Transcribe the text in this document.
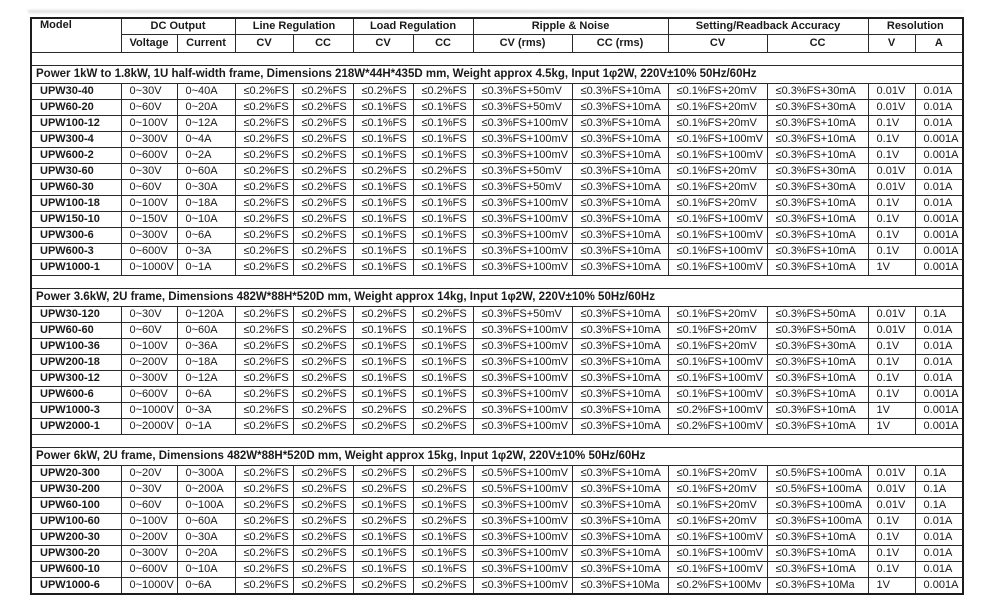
Model	DC Output		Line Regulation		Load Regulation		Ripple & Noise		Setting/Readback Accuracy		Resolution	
	Voltage	Current	CV	CC	CV	CC	CV (rms)	CC (rms)	CV	CC	V	A

Power 1kW to 1.8kW, 1U half-width frame, Dimensions 218W*44H*435D mm, Weight approx 4.5kg, Input 1φ2W, 220V±10% 50Hz/60Hz												
UPW30-40	0~30V	0~40A	≤0.2%FS	≤0.2%FS	≤0.2%FS	≤0.2%FS	≤0.3%FS+50mV	≤0.3%FS+10mA	≤0.1%FS+20mV	≤0.3%FS+30mA	0.01V	0.01A
UPW60-20	0~60V	0~20A	≤0.2%FS	≤0.2%FS	≤0.1%FS	≤0.1%FS	≤0.3%FS+50mV	≤0.3%FS+10mA	≤0.1%FS+20mV	≤0.3%FS+30mA	0.01V	0.01A
UPW100-12	0~100V	0~12A	≤0.2%FS	≤0.2%FS	≤0.1%FS	≤0.1%FS	≤0.3%FS+100mV	≤0.3%FS+10mA	≤0.1%FS+20mV	≤0.3%FS+10mA	0.1V	0.01A
UPW300-4	0~300V	0~4A	≤0.2%FS	≤0.2%FS	≤0.1%FS	≤0.1%FS	≤0.3%FS+100mV	≤0.3%FS+10mA	≤0.1%FS+100mV	≤0.3%FS+10mA	0.1V	0.001A
UPW600-2	0~600V	0~2A	≤0.2%FS	≤0.2%FS	≤0.1%FS	≤0.1%FS	≤0.3%FS+100mV	≤0.3%FS+10mA	≤0.1%FS+100mV	≤0.3%FS+10mA	0.1V	0.001A
UPW30-60	0~30V	0~60A	≤0.2%FS	≤0.2%FS	≤0.2%FS	≤0.2%FS	≤0.3%FS+50mV	≤0.3%FS+10mA	≤0.1%FS+20mV	≤0.3%FS+30mA	0.01V	0.01A
UPW60-30	0~60V	0~30A	≤0.2%FS	≤0.2%FS	≤0.1%FS	≤0.1%FS	≤0.3%FS+50mV	≤0.3%FS+10mA	≤0.1%FS+20mV	≤0.3%FS+30mA	0.01V	0.01A
UPW100-18	0~100V	0~18A	≤0.2%FS	≤0.2%FS	≤0.1%FS	≤0.1%FS	≤0.3%FS+100mV	≤0.3%FS+10mA	≤0.1%FS+20mV	≤0.3%FS+10mA	0.1V	0.01A
UPW150-10	0~150V	0~10A	≤0.2%FS	≤0.2%FS	≤0.1%FS	≤0.1%FS	≤0.3%FS+100mV	≤0.3%FS+10mA	≤0.1%FS+100mV	≤0.3%FS+10mA	0.1V	0.001A
UPW300-6	0~300V	0~6A	≤0.2%FS	≤0.2%FS	≤0.1%FS	≤0.1%FS	≤0.3%FS+100mV	≤0.3%FS+10mA	≤0.1%FS+100mV	≤0.3%FS+10mA	0.1V	0.001A
UPW600-3	0~600V	0~3A	≤0.2%FS	≤0.2%FS	≤0.1%FS	≤0.1%FS	≤0.3%FS+100mV	≤0.3%FS+10mA	≤0.1%FS+100mV	≤0.3%FS+10mA	0.1V	0.001A
UPW1000-1	0~1000V	0~1A	≤0.2%FS	≤0.2%FS	≤0.1%FS	≤0.1%FS	≤0.3%FS+100mV	≤0.3%FS+10mA	≤0.1%FS+100mV	≤0.3%FS+10mA	1V	0.001A

Power 3.6kW, 2U frame, Dimensions 482W*88H*520D mm, Weight approx 14kg, Input 1φ2W, 220V±10% 50Hz/60Hz												
UPW30-120	0~30V	0~120A	≤0.2%FS	≤0.2%FS	≤0.2%FS	≤0.2%FS	≤0.3%FS+50mV	≤0.3%FS+10mA	≤0.1%FS+20mV	≤0.3%FS+50mA	0.01V	0.1A
UPW60-60	0~60V	0~60A	≤0.2%FS	≤0.2%FS	≤0.1%FS	≤0.1%FS	≤0.3%FS+100mV	≤0.3%FS+10mA	≤0.1%FS+20mV	≤0.3%FS+50mA	0.01V	0.01A
UPW100-36	0~100V	0~36A	≤0.2%FS	≤0.2%FS	≤0.1%FS	≤0.1%FS	≤0.3%FS+100mV	≤0.3%FS+10mA	≤0.1%FS+20mV	≤0.3%FS+30mA	0.1V	0.01A
UPW200-18	0~200V	0~18A	≤0.2%FS	≤0.2%FS	≤0.1%FS	≤0.1%FS	≤0.3%FS+100mV	≤0.3%FS+10mA	≤0.1%FS+100mV	≤0.3%FS+10mA	0.1V	0.01A
UPW300-12	0~300V	0~12A	≤0.2%FS	≤0.2%FS	≤0.1%FS	≤0.1%FS	≤0.3%FS+100mV	≤0.3%FS+10mA	≤0.1%FS+100mV	≤0.3%FS+10mA	0.1V	0.01A
UPW600-6	0~600V	0~6A	≤0.2%FS	≤0.2%FS	≤0.1%FS	≤0.1%FS	≤0.3%FS+100mV	≤0.3%FS+10mA	≤0.1%FS+100mV	≤0.3%FS+10mA	0.1V	0.001A
UPW1000-3	0~1000V	0~3A	≤0.2%FS	≤0.2%FS	≤0.2%FS	≤0.2%FS	≤0.3%FS+100mV	≤0.3%FS+10mA	≤0.2%FS+100mV	≤0.3%FS+10mA	1V	0.001A
UPW2000-1	0~2000V	0~1A	≤0.2%FS	≤0.2%FS	≤0.2%FS	≤0.2%FS	≤0.3%FS+100mV	≤0.3%FS+10mA	≤0.2%FS+100mV	≤0.3%FS+10mA	1V	0.001A

Power 6kW, 2U frame, Dimensions 482W*88H*520D mm, Weight approx 15kg, Input 1φ2W, 220V±10% 50Hz/60Hz												
UPW20-300	0~20V	0~300A	≤0.2%FS	≤0.2%FS	≤0.2%FS	≤0.2%FS	≤0.5%FS+100mV	≤0.3%FS+10mA	≤0.1%FS+20mV	≤0.5%FS+100mA	0.01V	0.1A
UPW30-200	0~30V	0~200A	≤0.2%FS	≤0.2%FS	≤0.2%FS	≤0.2%FS	≤0.5%FS+100mV	≤0.3%FS+10mA	≤0.1%FS+20mV	≤0.5%FS+100mA	0.01V	0.1A
UPW60-100	0~60V	0~100A	≤0.2%FS	≤0.2%FS	≤0.1%FS	≤0.1%FS	≤0.3%FS+100mV	≤0.3%FS+10mA	≤0.1%FS+20mV	≤0.3%FS+100mA	0.01V	0.1A
UPW100-60	0~100V	0~60A	≤0.2%FS	≤0.2%FS	≤0.2%FS	≤0.2%FS	≤0.3%FS+100mV	≤0.3%FS+10mA	≤0.1%FS+20mV	≤0.3%FS+100mA	0.1V	0.01A
UPW200-30	0~200V	0~30A	≤0.2%FS	≤0.2%FS	≤0.1%FS	≤0.1%FS	≤0.3%FS+100mV	≤0.3%FS+10mA	≤0.1%FS+100mV	≤0.3%FS+10mA	0.1V	0.01A
UPW300-20	0~300V	0~20A	≤0.2%FS	≤0.2%FS	≤0.1%FS	≤0.1%FS	≤0.3%FS+100mV	≤0.3%FS+10mA	≤0.1%FS+100mV	≤0.3%FS+10mA	0.1V	0.01A
UPW600-10	0~600V	0~10A	≤0.2%FS	≤0.2%FS	≤0.1%FS	≤0.1%FS	≤0.3%FS+100mV	≤0.3%FS+10mA	≤0.1%FS+100mV	≤0.3%FS+10mA	0.1V	0.01A
UPW1000-6	0~1000V	0~6A	≤0.2%FS	≤0.2%FS	≤0.2%FS	≤0.2%FS	≤0.3%FS+100mV	≤0.3%FS+10Ma	≤0.2%FS+100Mv	≤0.3%FS+10Ma	1V	0.001A
